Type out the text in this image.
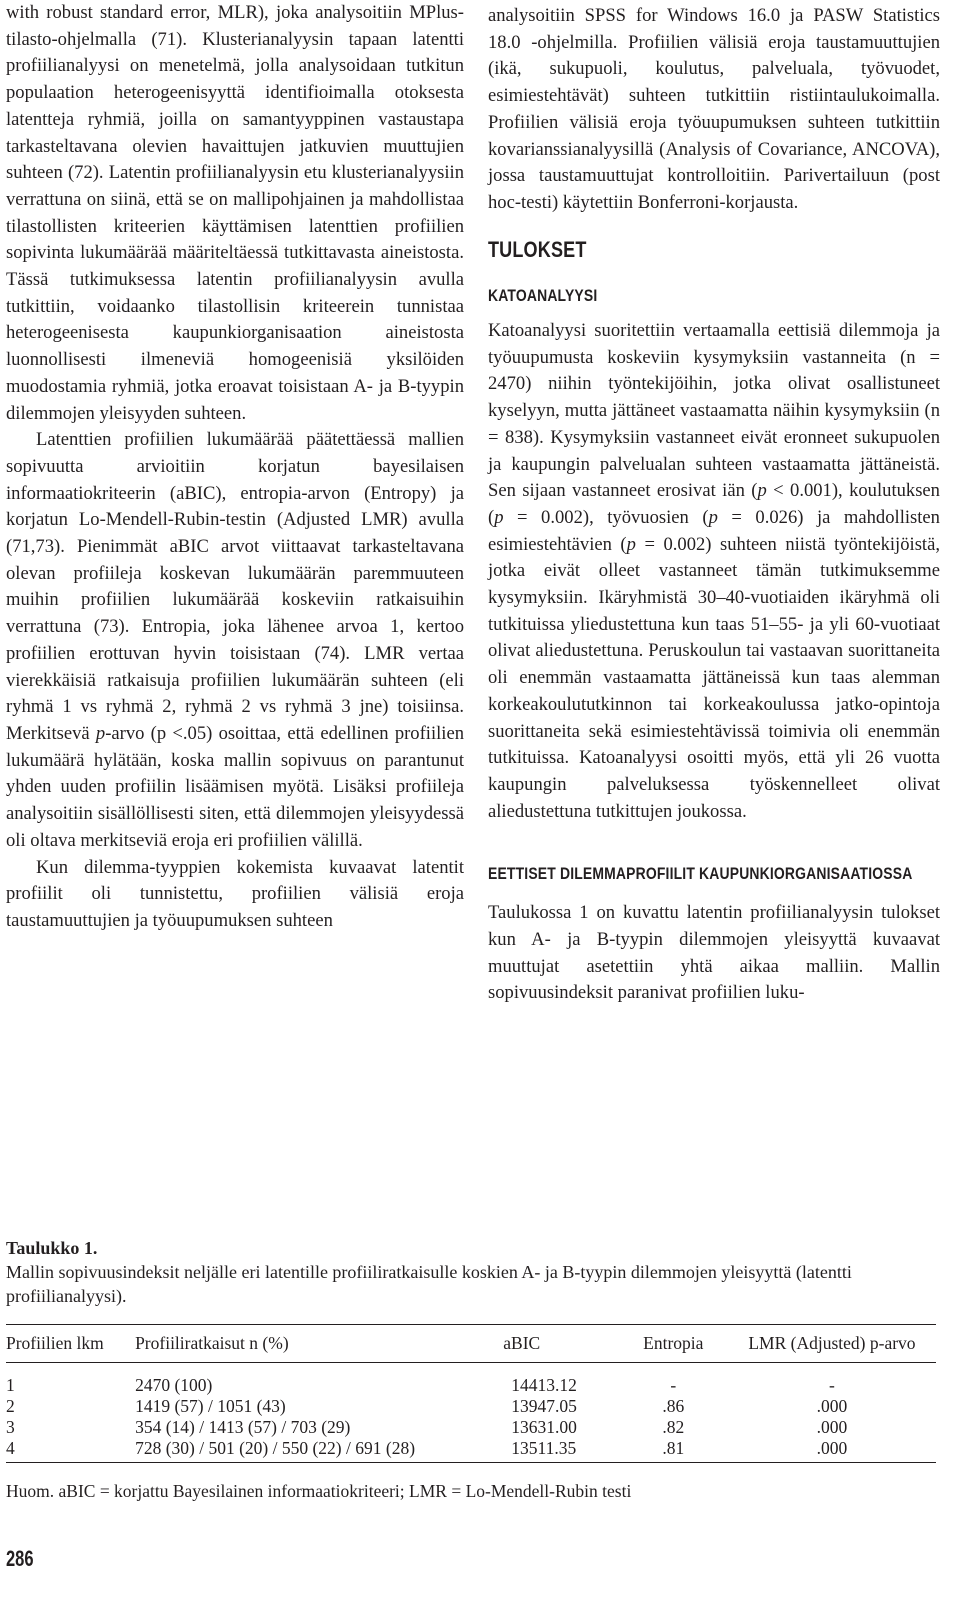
with robust standard error, MLR), joka analysoitiin MPlus-tilasto-ohjelmalla (71). Klusterianalyysin tapaan latentti profiilianalyysi on menetelmä, jolla analysoidaan tutkitun populaation heterogeenisyyttä identifioimalla otoksesta latentteja ryhmiä, joilla on samantyyppinen vastaustapa tarkasteltavana olevien havaittujen jatkuvien muuttujien suhteen (72). Latentin profiilianalyysin etu klusterianalyysiin verrattuna on siinä, että se on mallipohjainen ja mahdollistaa tilastollisten kriteerien käyttämisen latenttien profiilien sopivinta lukumäärää määriteltäessä tutkittavasta aineistosta. Tässä tutkimuksessa latentin profiilianalyysin avulla tutkittiin, voidaanko tilastollisin kriteerein tunnistaa heterogeenisesta kaupunkiorganisaation aineistosta luonnollisesti ilmeneviä homogeenisiä yksilöiden muodostamia ryhmiä, jotka eroavat toisistaan A- ja B-tyypin dilemmojen yleisyyden suhteen.

Latenttien profiilien lukumäärää päätettäessä mallien sopivuutta arvioitiin korjatun bayesilaisen informaatiokriteerin (aBIC), entropia-arvon (Entropy) ja korjatun Lo-Mendell-Rubin-testin (Adjusted LMR) avulla (71,73). Pienimmät aBIC arvot viittaavat tarkasteltavana olevan profiileja koskevan lukumäärän paremmuuteen muihin profiilien lukumäärää koskeviin ratkaisuihin verrattuna (73). Entropia, joka lähenee arvoa 1, kertoo profiilien erottuvan hyvin toisistaan (74). LMR vertaa vierekkäisiä ratkaisuja profiilien lukumäärän suhteen (eli ryhmä 1 vs ryhmä 2, ryhmä 2 vs ryhmä 3 jne) toisiinsa. Merkitsevä p-arvo (p <.05) osoittaa, että edellinen profiilien lukumäärä hylätään, koska mallin sopivuus on parantunut yhden uuden profiilin lisäämisen myötä. Lisäksi profiileja analysoitiin sisällöllisesti siten, että dilemmojen yleisyydessä oli oltava merkitseviä eroja eri profiilien välillä.

Kun dilemma-tyyppien kokemista kuvaavat latentit profiilit oli tunnistettu, profiilien välisiä eroja taustamuuttujien ja työuupumuksen suhteen

analysoitiin SPSS for Windows 16.0 ja PASW Statistics 18.0 -ohjelmilla. Profiilien välisiä eroja taustamuuttujien (ikä, sukupuoli, koulutus, palveluala, työvuodet, esimiestehtävät) suhteen tutkittiin ristiintaulukoimalla. Profiilien välisiä eroja työuupumuksen suhteen tutkittiin kovarianssianalyysillä (Analysis of Covariance, ANCOVA), jossa taustamuuttujat kontrolloitiin. Parivertailuun (post hoc-testi) käytettiin Bonferroni-korjausta.

TULOKSET
KATOANALYYSI

Katoanalyysi suoritettiin vertaamalla eettisiä dilemmoja ja työuupumusta koskeviin kysymyksiin vastanneita (n = 2470) niihin työntekijöihin, jotka olivat osallistuneet kyselyyn, mutta jättäneet vastaamatta näihin kysymyksiin (n = 838). Kysymyksiin vastanneet eivät eronneet sukupuolen ja kaupungin palvelualan suhteen vastaamatta jättäneistä. Sen sijaan vastanneet erosivat iän (p < 0.001), koulutuksen (p = 0.002), työvuosien (p = 0.026) ja mahdollisten esimiestehtävien (p = 0.002) suhteen niistä työntekijöistä, jotka eivät olleet vastanneet tämän tutkimuksemme kysymyksiin. Ikäryhmistä 30–40-vuotiaiden ikäryhmä oli tutkituissa yliedustettuna kun taas 51–55- ja yli 60-vuotiaat olivat aliedustettuna. Peruskoulun tai vastaavan suorittaneita oli enemmän vastaamatta jättäneissä kun taas alemman korkeakoulututkinnon tai korkeakoulussa jatko-opintoja suorittaneita sekä esimiestehtävissä toimivia oli enemmän tutkituissa. Katoanalyysi osoitti myös, että yli 26 vuotta kaupungin palveluksessa työskennelleet olivat aliedustettuna tutkittujen joukossa.

EETTISET DILEMMAPROFIILIT KAUPUNKIORGANISAATIOSSA

Taulukossa 1 on kuvattu latentin profiilianalyysin tulokset kun A- ja B-tyypin dilemmojen yleisyyttä kuvaavat muuttujat asetettiin yhtä aikaa malliin. Mallin sopivuusindeksit paranivat profiilien luku-

Taulukko 1.

Mallin sopivuusindeksit neljälle eri latentille profiiliratkaisulle koskien A- ja B-tyypin dilemmojen yleisyyttä (latentti profiilianalyysi).

Profiilien lkm	Profiiliratkaisut n (%)	aBIC	Entropia	LMR (Adjusted) p-arvo
1	2470 (100)	14413.12	-	-
2	1419 (57) / 1051 (43)	13947.05	.86	.000
3	354 (14) / 1413 (57) / 703 (29)	13631.00	.82	.000
4	728 (30) / 501 (20) / 550 (22) / 691 (28)	13511.35	.81	.000

Huom. aBIC = korjattu Bayesilainen informaatiokriteeri; LMR = Lo-Mendell-Rubin testi

286
